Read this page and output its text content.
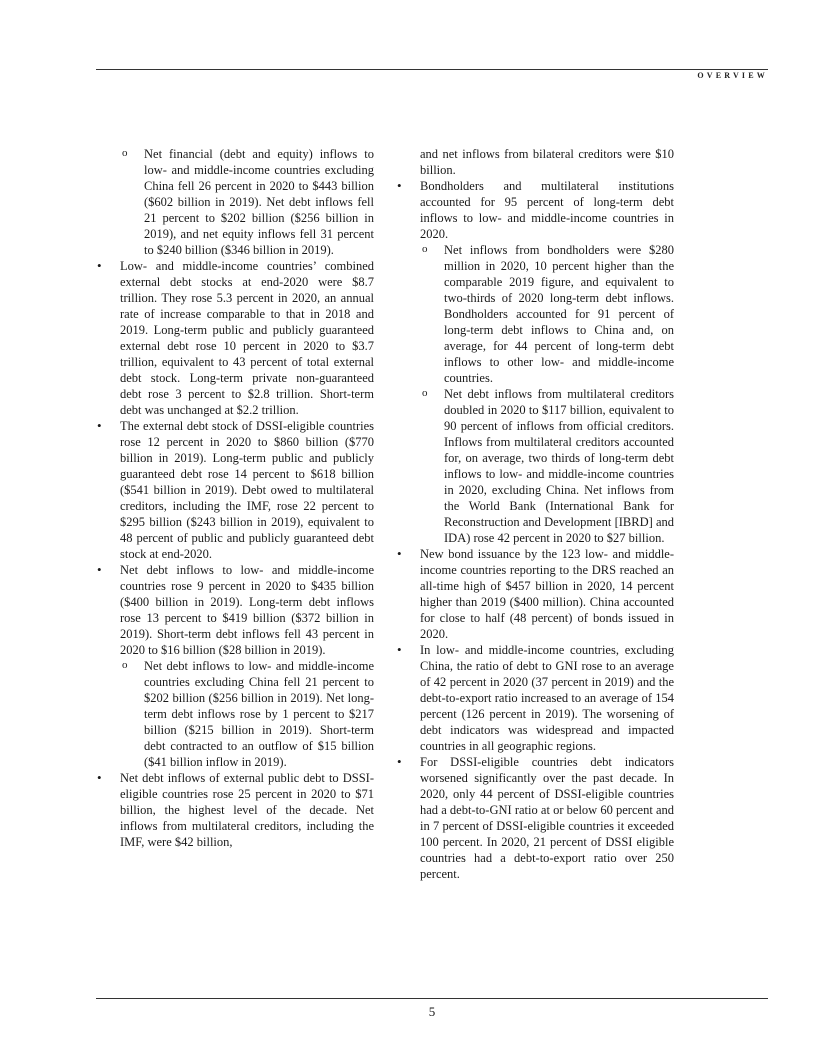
OVERVIEW
o Net financial (debt and equity) inflows to low- and middle-income countries excluding China fell 26 percent in 2020 to $443 billion ($602 billion in 2019). Net debt inflows fell 21 percent to $202 billion ($256 billion in 2019), and net equity inflows fell 31 percent to $240 billion ($346 billion in 2019).
• Low- and middle-income countries’ combined external debt stocks at end-2020 were $8.7 trillion. They rose 5.3 percent in 2020, an annual rate of increase comparable to that in 2018 and 2019. Long-term public and publicly guaranteed external debt rose 10 percent in 2020 to $3.7 trillion, equivalent to 43 percent of total external debt stock. Long-term private non-guaranteed debt rose 3 percent to $2.8 trillion. Short-term debt was unchanged at $2.2 trillion.
• The external debt stock of DSSI-eligible countries rose 12 percent in 2020 to $860 billion ($770 billion in 2019). Long-term public and publicly guaranteed debt rose 14 percent to $618 billion ($541 billion in 2019). Debt owed to multilateral creditors, including the IMF, rose 22 percent to $295 billion ($243 billion in 2019), equivalent to 48 percent of public and publicly guaranteed debt stock at end-2020.
• Net debt inflows to low- and middle-income countries rose 9 percent in 2020 to $435 billion ($400 billion in 2019). Long-term debt inflows rose 13 percent to $419 billion ($372 billion in 2019). Short-term debt inflows fell 43 percent in 2020 to $16 billion ($28 billion in 2019).
o Net debt inflows to low- and middle-income countries excluding China fell 21 percent to $202 billion ($256 billion in 2019). Net long-term debt inflows rose by 1 percent to $217 billion ($215 billion in 2019). Short-term debt contracted to an outflow of $15 billion ($41 billion inflow in 2019).
• Net debt inflows of external public debt to DSSI-eligible countries rose 25 percent in 2020 to $71 billion, the highest level of the decade. Net inflows from multilateral creditors, including the IMF, were $42 billion,
and net inflows from bilateral creditors were $10 billion.
• Bondholders and multilateral institutions accounted for 95 percent of long-term debt inflows to low- and middle-income countries in 2020.
o Net inflows from bondholders were $280 million in 2020, 10 percent higher than the comparable 2019 figure, and equivalent to two-thirds of 2020 long-term debt inflows. Bondholders accounted for 91 percent of long-term debt inflows to China and, on average, for 44 percent of long-term debt inflows to other low- and middle-income countries.
o Net debt inflows from multilateral creditors doubled in 2020 to $117 billion, equivalent to 90 percent of inflows from official creditors. Inflows from multilateral creditors accounted for, on average, two thirds of long-term debt inflows to low- and middle-income countries in 2020, excluding China. Net inflows from the World Bank (International Bank for Reconstruction and Development [IBRD] and IDA) rose 42 percent in 2020 to $27 billion.
• New bond issuance by the 123 low- and middle-income countries reporting to the DRS reached an all-time high of $457 billion in 2020, 14 percent higher than 2019 ($400 million). China accounted for close to half (48 percent) of bonds issued in 2020.
• In low- and middle-income countries, excluding China, the ratio of debt to GNI rose to an average of 42 percent in 2020 (37 percent in 2019) and the debt-to-export ratio increased to an average of 154 percent (126 percent in 2019). The worsening of debt indicators was widespread and impacted countries in all geographic regions.
• For DSSI-eligible countries debt indicators worsened significantly over the past decade. In 2020, only 44 percent of DSSI-eligible countries had a debt-to-GNI ratio at or below 60 percent and in 7 percent of DSSI-eligible countries it exceeded 100 percent. In 2020, 21 percent of DSSI eligible countries had a debt-to-export ratio over 250 percent.
5
